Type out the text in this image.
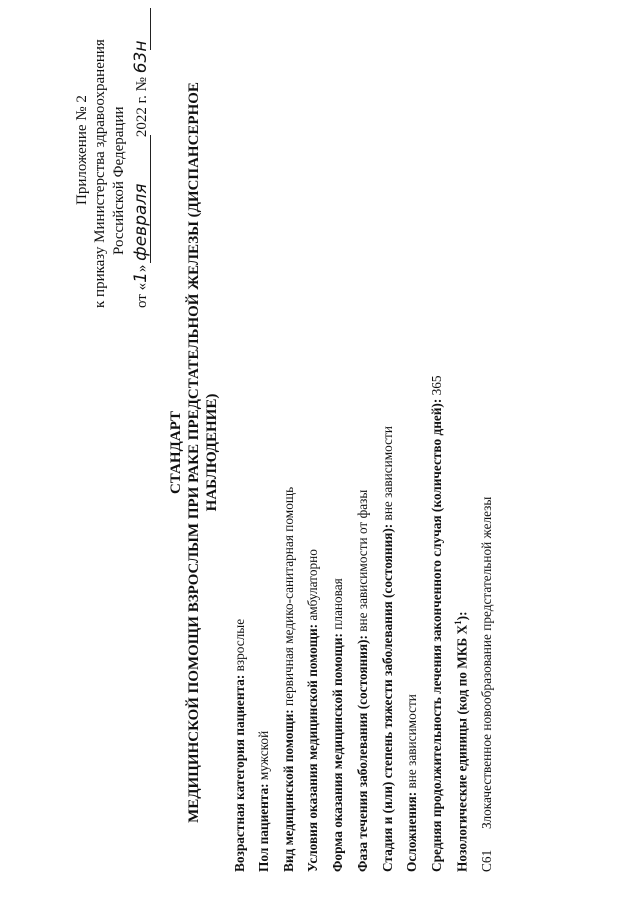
Приложение № 2 к приказу Министерства здравоохранения Российской Федерации
от «1» февраля 2022 г. № 63н
СТАНДАРТ МЕДИЦИНСКОЙ ПОМОЩИ ВЗРОСЛЫМ ПРИ РАКЕ ПРЕДСТАТЕЛЬНОЙ ЖЕЛЕЗЫ (ДИСПАНСЕРНОЕ НАБЛЮДЕНИЕ)
Возрастная категория пациента: взрослые
Пол пациента: мужской Вид медицинской помощи: первичная медико-санитарная помощь
Условия оказания медицинской помощи: амбулаторно
Форма оказания медицинской помощи: плановая
Фаза течения заболевания (состояния): вне зависимости от фазы Стадия и (или) степень тяжести заболевания (состояния): вне зависимости
Осложнения: вне зависимости Средняя продолжительность лечения законченного случая (количество дней): 365
Нозологические единицы (код по МКБ $X^1$):
C61
Злокачественное новообразование предстательной железы
